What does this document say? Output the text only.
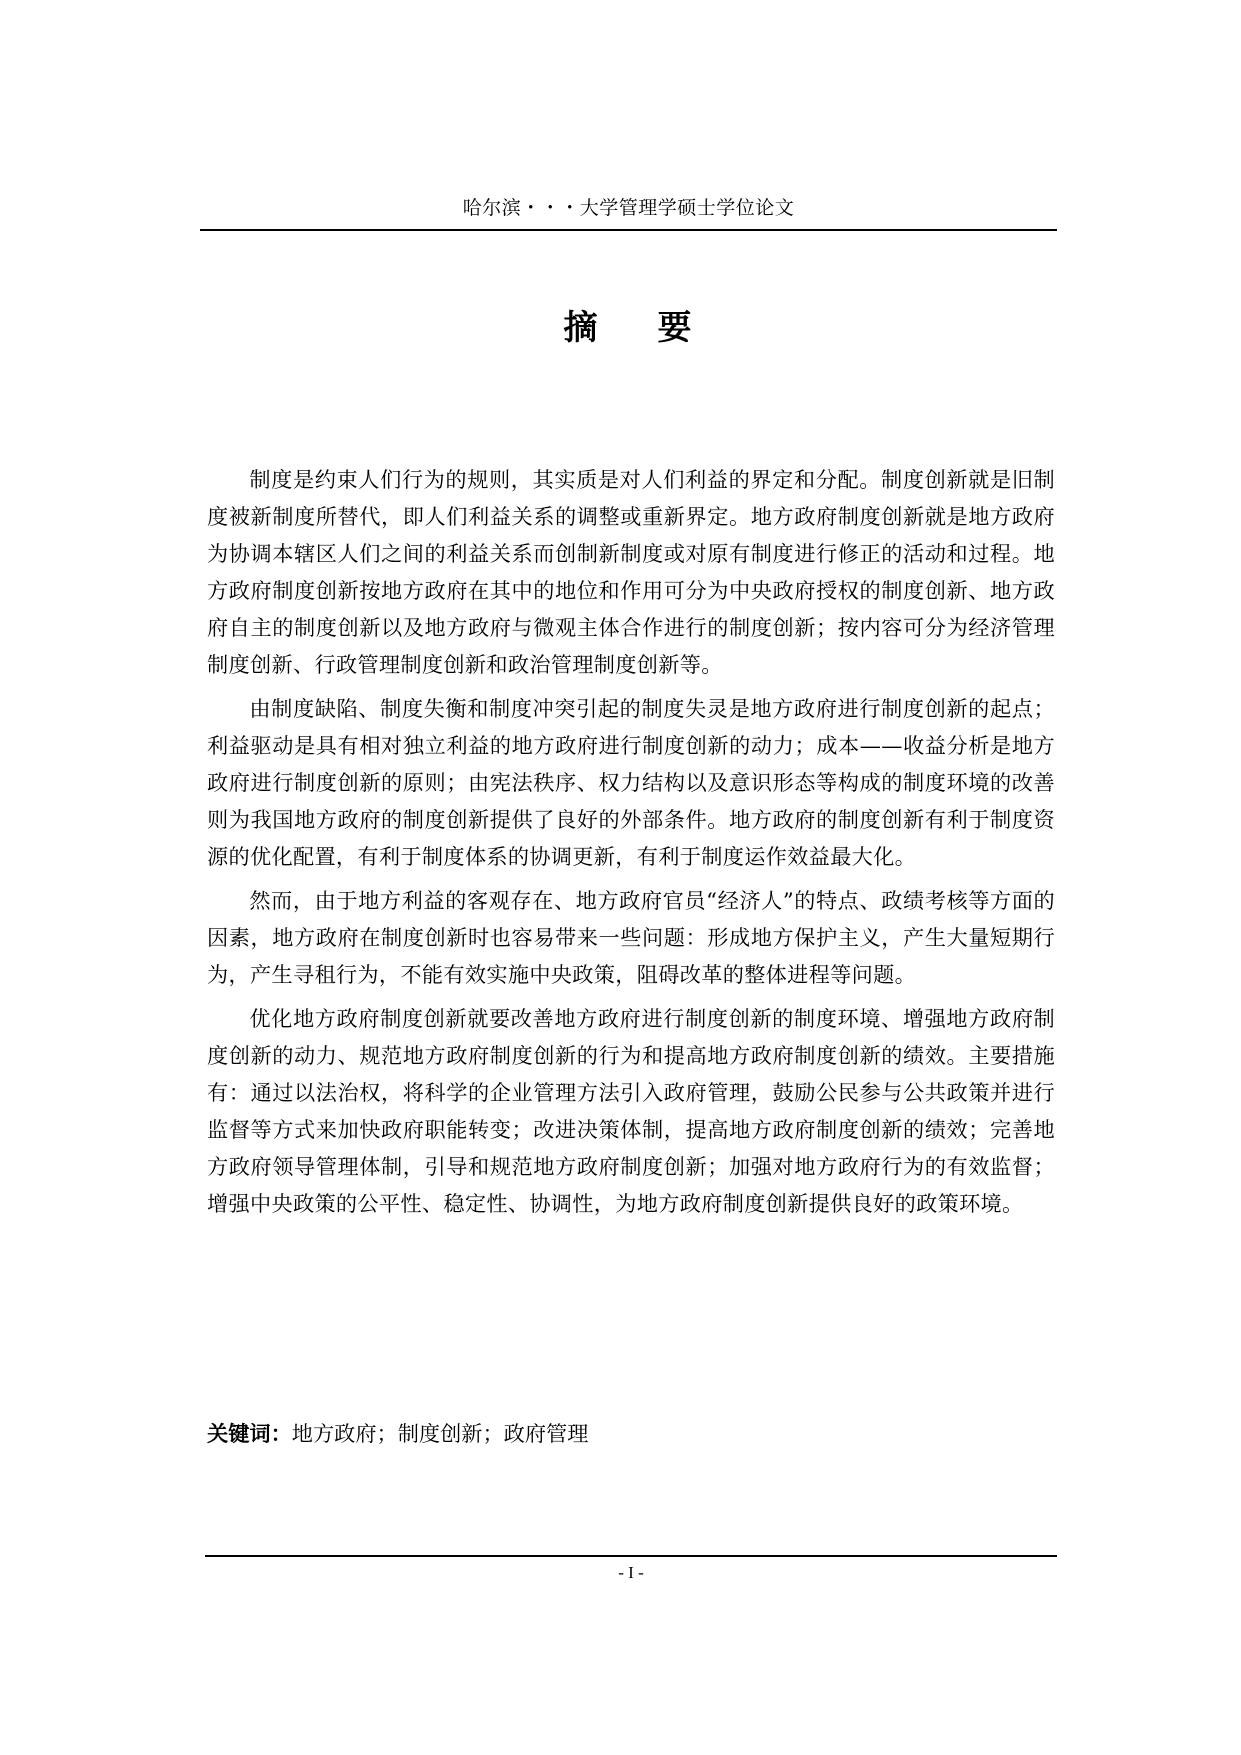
哈尔滨・・・大学管理学硕士学位论文
摘 要

制度是约束人们行为的规则，其实质是对人们利益的界定和分配。制度创新就是旧制度被新制度所替代，即人们利益关系的调整或重新界定。地方政府制度创新就是地方政府为协调本辖区人们之间的利益关系而创制新制度或对原有制度进行修正的活动和过程。地方政府制度创新按地方政府在其中的地位和作用可分为中央政府授权的制度创新、地方政府自主的制度创新以及地方政府与微观主体合作进行的制度创新；按内容可分为经济管理制度创新、行政管理制度创新和政治管理制度创新等。

由制度缺陷、制度失衡和制度冲突引起的制度失灵是地方政府进行制度创新的起点；利益驱动是具有相对独立利益的地方政府进行制度创新的动力；成本——收益分析是地方政府进行制度创新的原则；由宪法秩序、权力结构以及意识形态等构成的制度环境的改善则为我国地方政府的制度创新提供了良好的外部条件。地方政府的制度创新有利于制度资源的优化配置，有利于制度体系的协调更新，有利于制度运作效益最大化。

然而，由于地方利益的客观存在、地方政府官员“经济人”的特点、政绩考核等方面的因素，地方政府在制度创新时也容易带来一些问题：形成地方保护主义，产生大量短期行为，产生寻租行为，不能有效实施中央政策，阻碍改革的整体进程等问题。

优化地方政府制度创新就要改善地方政府进行制度创新的制度环境、增强地方政府制度创新的动力、规范地方政府制度创新的行为和提高地方政府制度创新的绩效。主要措施有：通过以法治权，将科学的企业管理方法引入政府管理，鼓励公民参与公共政策并进行监督等方式来加快政府职能转变；改进决策体制，提高地方政府制度创新的绩效；完善地方政府领导管理体制，引导和规范地方政府制度创新；加强对地方政府行为的有效监督；增强中央政策的公平性、稳定性、协调性，为地方政府制度创新提供良好的政策环境。

关键词：地方政府；制度创新；政府管理
- I -
